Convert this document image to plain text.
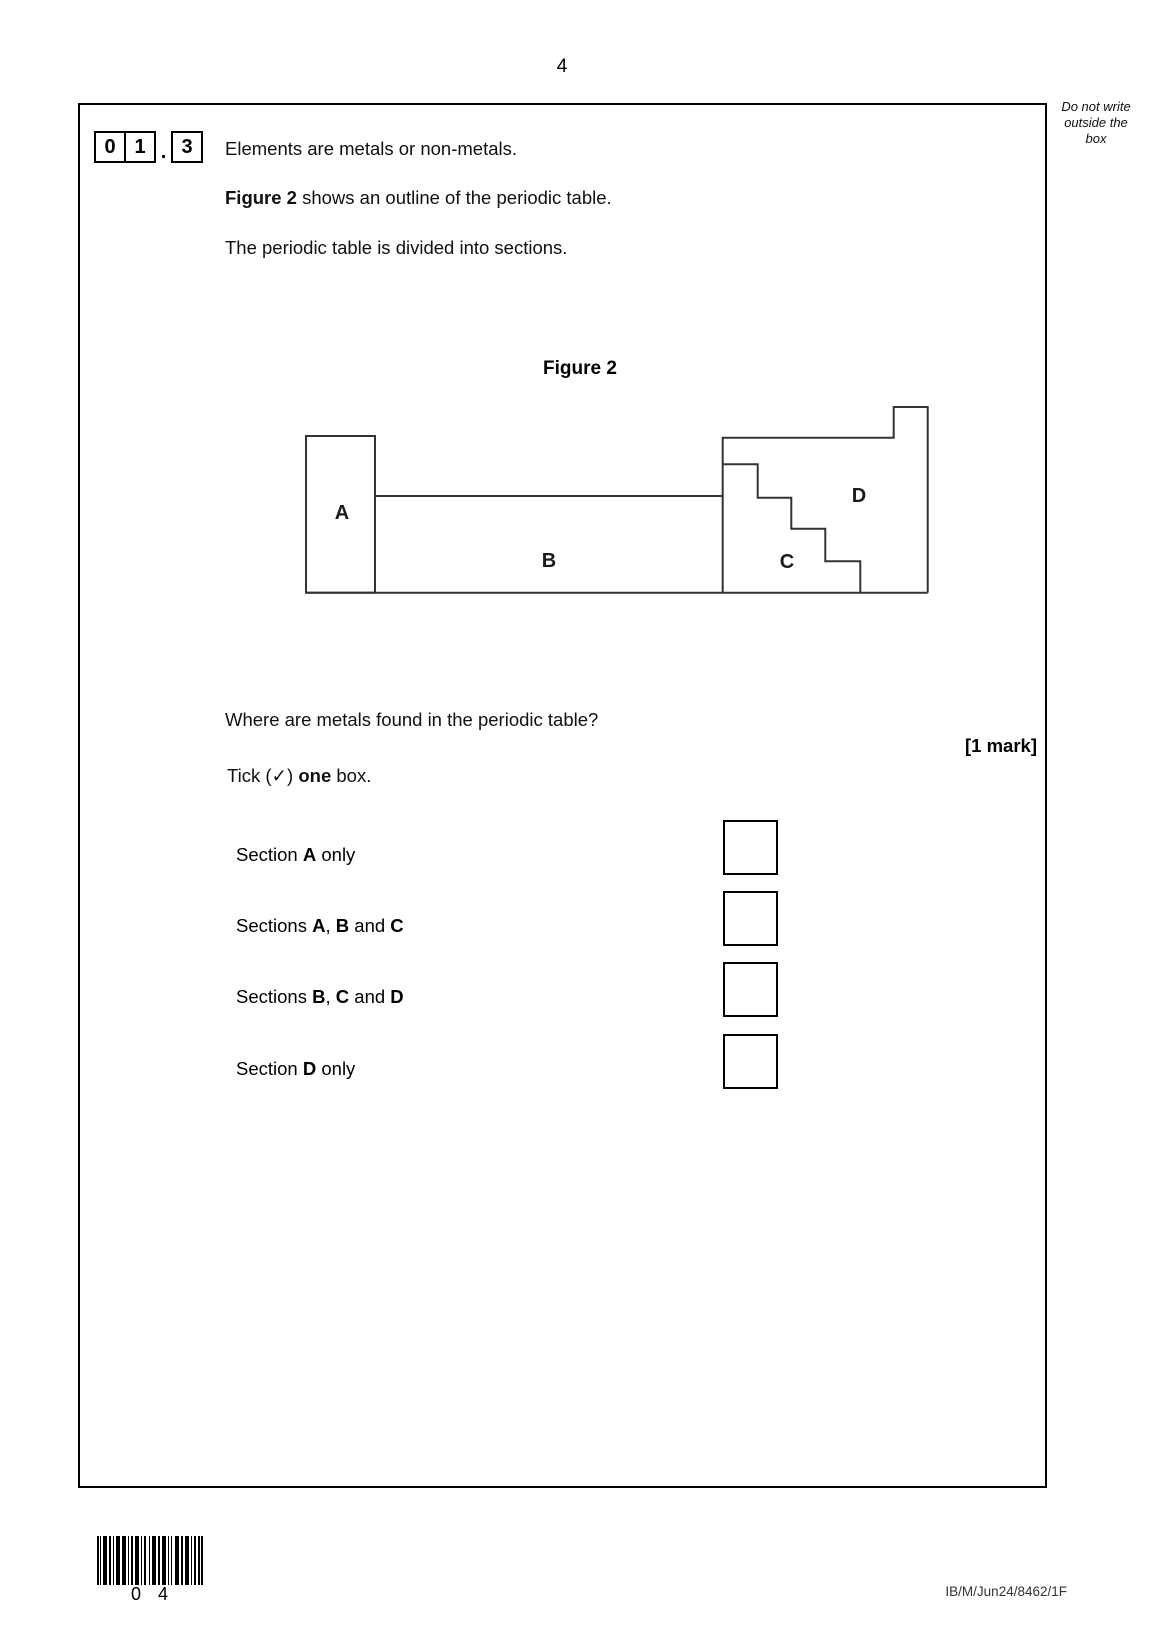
4
Do not write
outside the
box
0 1 . 3	Elements are metals or non-metals.
Figure 2 shows an outline of the periodic table.
The periodic table is divided into sections.
Figure 2
A
B	C
D
Where are metals found in the periodic table?
[1 mark]
Tick (✓) one box.
Section A only
Sections A, B and C
Sections B, C and D
Section D only
0 4	IB/M/Jun24/8462/1F
